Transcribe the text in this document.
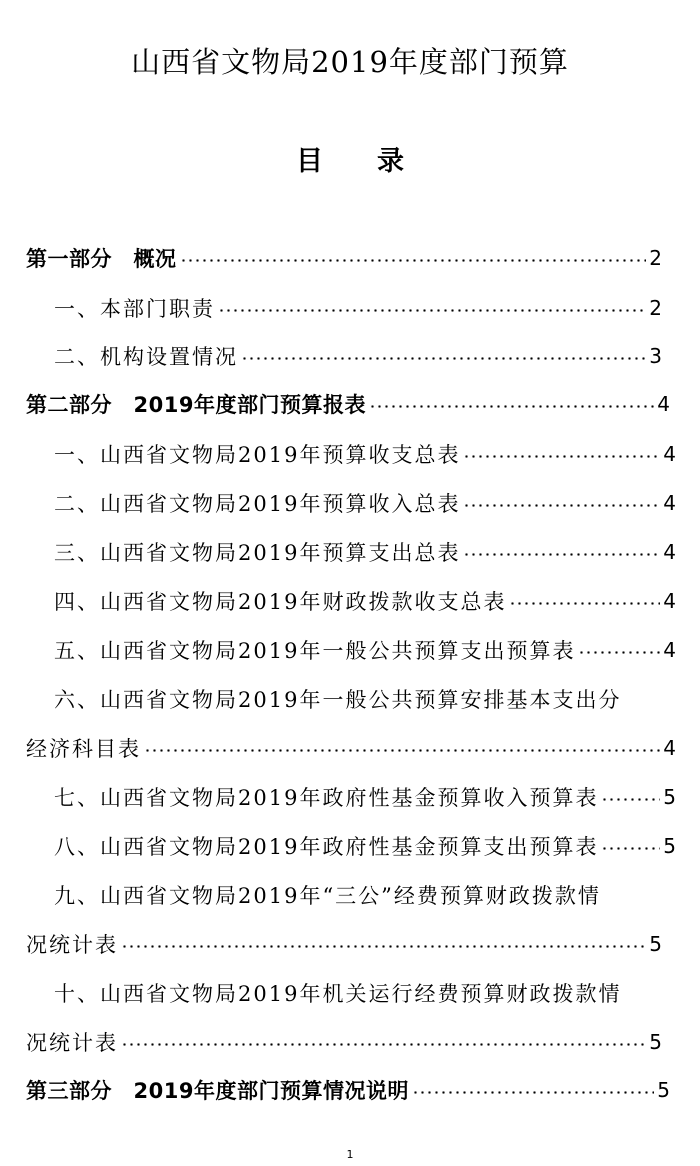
山西省文物局2019年度部门预算
目　　录
第一部分　概况	2
一、本部门职责	2
二、机构设置情况	3
第二部分　2019年度部门预算报表	4
一、山西省文物局2019年预算收支总表	4
二、山西省文物局2019年预算收入总表	4
三、山西省文物局2019年预算支出总表	4
四、山西省文物局2019年财政拨款收支总表	4
五、山西省文物局2019年一般公共预算支出预算表	4
六、山西省文物局2019年一般公共预算安排基本支出分
经济科目表	4
七、山西省文物局2019年政府性基金预算收入预算表	5
八、山西省文物局2019年政府性基金预算支出预算表	5
九、山西省文物局2019年“三公”经费预算财政拨款情
况统计表	5
十、山西省文物局2019年机关运行经费预算财政拨款情
况统计表	5
第三部分　2019年度部门预算情况说明	5
1
